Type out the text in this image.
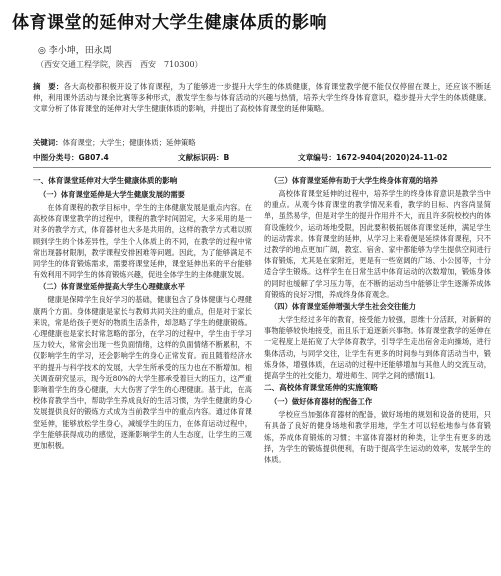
体育课堂的延伸对大学生健康体质的影响
◎ 李小坤，田永周
（西安交通工程学院，陕西　西安　710300）
摘　要：各大高校都积极开设了体育课程，为了能够进一步提升大学生的体质健康，体育课堂教学便不能仅仅停留在课上，还应该不断延伸，利用课外活动与课余比赛等多种形式，激发学生参与体育活动的兴趣与热情，培养大学生终身体育意识，稳步提升大学生的体质健康。文章分析了体育课堂的延伸对大学生健康体质的影响，并提出了高校体育课堂的延伸策略。
关键词：体育课堂；大学生；健康体质；延伸策略
中图分类号：G807.4	文献标识码：B	文章编号：1672-9404(2020)24-11-02
一、体育课堂延伸对大学生健康体质的影响
（一）体育课堂延伸是大学生健康发展的需要

在体育课程的教学目标中，学生的主体健康发展是重点内容。在高校体育课堂教学的过程中，课程的教学时间固定，大多采用的是一对多的教学方式，体育器材也大多是共用的，这样的教学方式难以照顾到学生的个体差异性，学生个人体质上的不同，在教学的过程中常常出现器材限制，教学课程安排困难等问题。因此，为了能够满足不同学生的体育锻炼需求，需要将课堂延伸，课堂延伸出来的平台能够有效利用不同学生的体育锻炼兴趣，促进全体学生的主体健康发展。

（二）体育课堂延伸提高大学生心理健康水平

健康是保障学生良好学习的基础，健康包含了身体健康与心理健康两个方面。身体健康是家长与教师共同关注的重点，但是对于家长来说，常是给孩子更好的物质生活条件，却忽略了学生的健康锻炼。心理健康也是家长时常忽略的部分，在学习的过程中，学生由于学习压力较大，常常会出现一些负面情绪，这样的负面情绪不断累积，不仅影响学生的学习，还会影响学生的身心正常发育。而且随着经济水平的提升与科学技术的发展，大学生所承受的压力也在不断增加。相关调查研究显示，现今近80%的大学生都承受着巨大的压力，这严重影响着学生的身心健康，大大伤害了学生的心理健康。基于此，在高校体育教学当中，帮助学生养成良好的生活习惯，为学生健康的身心发展提供良好的锻炼方式成为当前教学当中的重点内容。通过体育课堂延伸，能够放松学生身心，减缓学生的压力，在体育运动过程中，学生能够获得成功的感觉，逐渐影响学生的人生态度，让学生的三观更加积极。

（三）体育课堂延伸有助于大学生终身体育观的培养

高校体育课堂延伸的过程中，培养学生的终身体育意识是教学当中的重点。从观今体育课堂的教学情况来看，教学的目标、内容尚显简单，虽然易学，但是对学生的提升作用并不大，而且许多院校校内的体育设施较少，运动场地受限，因此要积极拓展体育课堂延伸，满足学生的运动需求。体育课堂的延伸，从学习上来看便是延续体育课程，只不过教学的地点更加广阔，教室、宿舍、家中都能够为学生提供空间进行体育锻炼，尤其是在家附近，更是有一些宽阔的广场、小公园等，十分适合学生锻炼。这样学生在日常生活中体育运动的次数增加，锻炼身体的同时也缓解了学习压力等，在不断的运动当中能够让学生逐渐养成体育锻炼的良好习惯，养成终身体育观念。

（四）体育课堂延伸增强大学生社会交往能力

大学生经过多年的教育，接受能力较强，思维十分活跃，对新鲜的事物能够较快地接受，而且乐于追逐新兴事物。体育课堂教学的延伸在一定程度上是拓宽了大学体育教学，引导学生走出宿舍走向操场，进行集体活动，与同学交往，让学生有更多的时间参与到体育活动当中，锻炼身体，增强体质，在运动的过程中还能够增加与其他人的交流互动，提高学生的社交能力，增进师生、同学之间的感情[1]。

二、高校体育课堂延伸的实施策略
（一）做好体育器材的配备工作

学校应当加强体育器材的配备，做好场地的规划和设备的使用，只有具备了良好的健身场地和教学用地，学生才可以轻松地参与体育锻炼，养成体育锻炼的习惯；丰富体育器材的种类，让学生有更多的选择，为学生的锻炼提供便利，有助于提高学生运动的效率，发展学生的体质。
